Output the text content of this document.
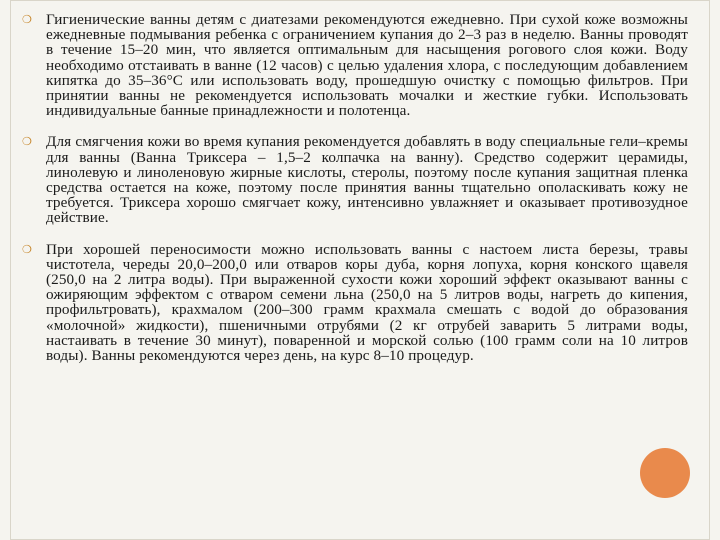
❍ Гигиенические ванны детям с диатезами рекомендуются ежедневно. При сухой коже возможны ежедневные подмывания ребенка с ограничением купания до 2–3 раз в неделю. Ванны проводят в течение 15–20 мин, что является оптимальным для насыщения рогового слоя кожи. Воду необходимо отстаивать в ванне (12 часов) с целью удаления хлора, с последующим добавлением кипятка до 35–36°С или использовать воду, прошедшую очистку с помощью фильтров. При принятии ванны не рекомендуется использовать мочалки и жесткие губки. Использовать индивидуальные банные принадлежности и полотенца.

❍ Для смягчения кожи во время купания рекомендуется добавлять в воду специальные гели–кремы для ванны (Ванна Триксера – 1,5–2 колпачка на ванну). Средство содержит церамиды, линолевую и линоленовую жирные кислоты, стеролы, поэтому после купания защитная пленка средства остается на коже, поэтому после принятия ванны тщательно ополаскивать кожу не требуется. Триксера хорошо смягчает кожу, интенсивно увлажняет и оказывает противозудное действие.

❍ При хорошей переносимости можно использовать ванны с настоем листа березы, травы чистотела, череды 20,0–200,0 или отваров коры дуба, корня лопуха, корня конского щавеля (250,0 на 2 литра воды). При выраженной сухости кожи хороший эффект оказывают ванны с ожиряющим эффектом с отваром семени льна (250,0 на 5 литров воды, нагреть до кипения, профильтровать), крахмалом (200–300 грамм крахмала смешать с водой до образования «молочной» жидкости), пшеничными отрубями (2 кг отрубей заварить 5 литрами воды, настаивать в течение 30 минут), поваренной и морской солью (100 грамм соли на 10 литров воды). Ванны рекомендуются через день, на курс 8–10 процедур.
